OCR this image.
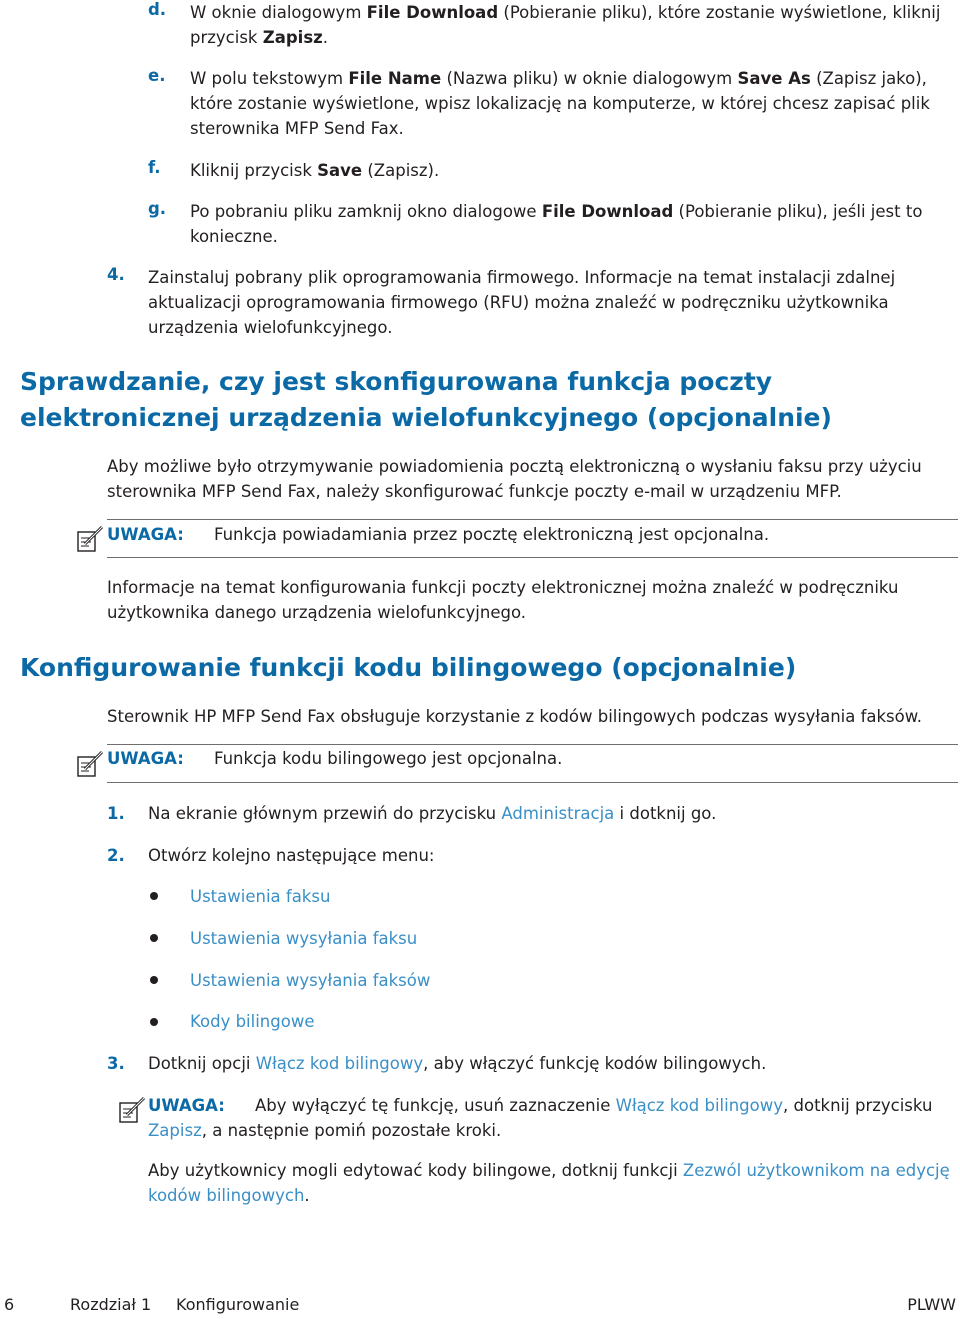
d. W oknie dialogowym File Download (Pobieranie pliku), które zostanie wyświetlone, kliknij przycisk Zapisz.
e. W polu tekstowym File Name (Nazwa pliku) w oknie dialogowym Save As (Zapisz jako), które zostanie wyświetlone, wpisz lokalizację na komputerze, w której chcesz zapisać plik sterownika MFP Send Fax.
f. Kliknij przycisk Save (Zapisz).
g. Po pobraniu pliku zamknij okno dialogowe File Download (Pobieranie pliku), jeśli jest to konieczne.
4. Zainstaluj pobrany plik oprogramowania firmowego. Informacje na temat instalacji zdalnej aktualizacji oprogramowania firmowego (RFU) można znaleźć w podręczniku użytkownika urządzenia wielofunkcyjnego.
Sprawdzanie, czy jest skonfigurowana funkcja poczty elektronicznej urządzenia wielofunkcyjnego (opcjonalnie)
Aby możliwe było otrzymywanie powiadomienia pocztą elektroniczną o wysłaniu faksu przy użyciu sterownika MFP Send Fax, należy skonfigurować funkcje poczty e-mail w urządzeniu MFP.
UWAGA: Funkcja powiadamiania przez pocztę elektroniczną jest opcjonalna.
Informacje na temat konfigurowania funkcji poczty elektronicznej można znaleźć w podręczniku użytkownika danego urządzenia wielofunkcyjnego.
Konfigurowanie funkcji kodu bilingowego (opcjonalnie)
Sterownik HP MFP Send Fax obsługuje korzystanie z kodów bilingowych podczas wysyłania faksów.
UWAGA: Funkcja kodu bilingowego jest opcjonalna.
1. Na ekranie głównym przewiń do przycisku Administracja i dotknij go.
2. Otwórz kolejno następujące menu:
Ustawienia faksu
Ustawienia wysyłania faksu
Ustawienia wysyłania faksów
Kody bilingowe
3. Dotknij opcji Włącz kod bilingowy, aby włączyć funkcję kodów bilingowych.
Aby wyłączyć tę funkcję, usuń zaznaczenie Włącz kod bilingowy, dotknij przycisku Zapisz, a następnie pomiń pozostałe kroki.
UWAGA:
Aby użytkownicy mogli edytować kody bilingowe, dotknij funkcji Zezwól użytkownikom na edycję kodów bilingowych.
6	Rozdział 1 Konfigurowanie	PLWW
